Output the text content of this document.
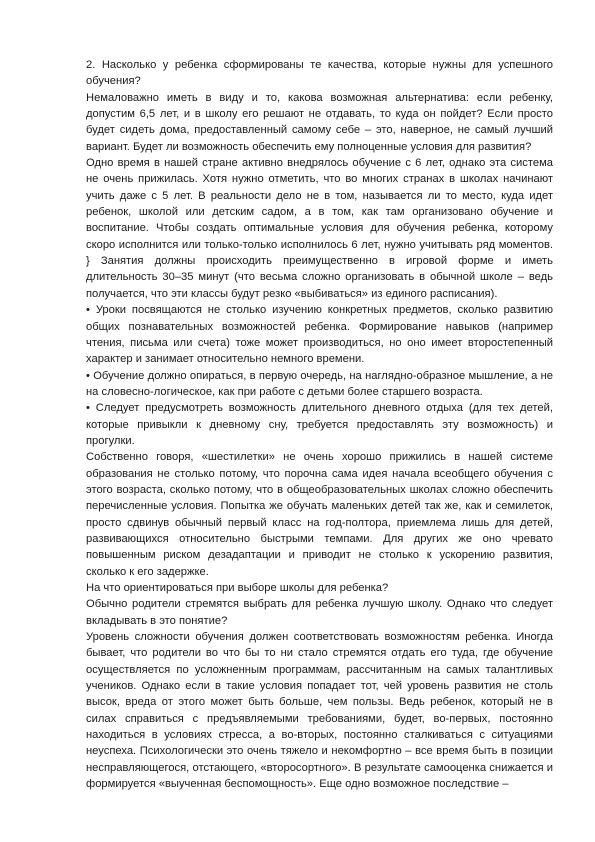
2. Насколько у ребенка сформированы те качества, которые нужны для успешного обучения?

Немаловажно иметь в виду и то, какова возможная альтернатива: если ребенку, допустим 6,5 лет, и в школу его решают не отдавать, то куда он пойдет? Если просто будет сидеть дома, предоставленный самому себе – это, наверное, не самый лучший вариант. Будет ли возможность обеспечить ему полноценные условия для развития?

Одно время в нашей стране активно внедрялось обучение с 6 лет, однако эта система не очень прижилась. Хотя нужно отметить, что во многих странах в школах начинают учить даже с 5 лет. В реальности дело не в том, называется ли то место, куда идет ребенок, школой или детским садом, а в том, как там организовано обучение и воспитание. Чтобы создать оптимальные условия для обучения ребенка, которому скоро исполнится или только-только исполнилось 6 лет, нужно учитывать ряд моментов. } Занятия должны происходить преимущественно в игровой форме и иметь длительность 30–35 минут (что весьма сложно организовать в обычной школе – ведь получается, что эти классы будут резко «выбиваться» из единого расписания).

• Уроки посвящаются не столько изучению конкретных предметов, сколько развитию общих познавательных возможностей ребенка. Формирование навыков (например чтения, письма или счета) тоже может производиться, но оно имеет второстепенный характер и занимает относительно немного времени.

• Обучение должно опираться, в первую очередь, на наглядно-образное мышление, а не на словесно-логическое, как при работе с детьми более старшего возраста.

• Следует предусмотреть возможность длительного дневного отдыха (для тех детей, которые привыкли к дневному сну, требуется предоставлять эту возможность) и прогулки.

Собственно говоря, «шестилетки» не очень хорошо прижились в нашей системе образования не столько потому, что порочна сама идея начала всеобщего обучения с этого возраста, сколько потому, что в общеобразовательных школах сложно обеспечить перечисленные условия. Попытка же обучать маленьких детей так же, как и семилеток, просто сдвинув обычный первый класс на год-полтора, приемлема лишь для детей, развивающихся относительно быстрыми темпами. Для других же оно чревато повышенным риском дезадаптации и приводит не столько к ускорению развития, сколько к его задержке.

На что ориентироваться при выборе школы для ребенка?

Обычно родители стремятся выбрать для ребенка лучшую школу. Однако что следует вкладывать в это понятие?

Уровень сложности обучения должен соответствовать возможностям ребенка. Иногда бывает, что родители во что бы то ни стало стремятся отдать его туда, где обучение осуществляется по усложненным программам, рассчитанным на самых талантливых учеников. Однако если в такие условия попадает тот, чей уровень развития не столь высок, вреда от этого может быть больше, чем пользы. Ведь ребенок, который не в силах справиться с предъявляемыми требованиями, будет, во-первых, постоянно находиться в условиях стресса, а во-вторых, постоянно сталкиваться с ситуациями неуспеха. Психологически это очень тяжело и некомфортно – все время быть в позиции несправляющегося, отстающего, «второсортного». В результате самооценка снижается и формируется «выученная беспомощность». Еще одно возможное последствие –
